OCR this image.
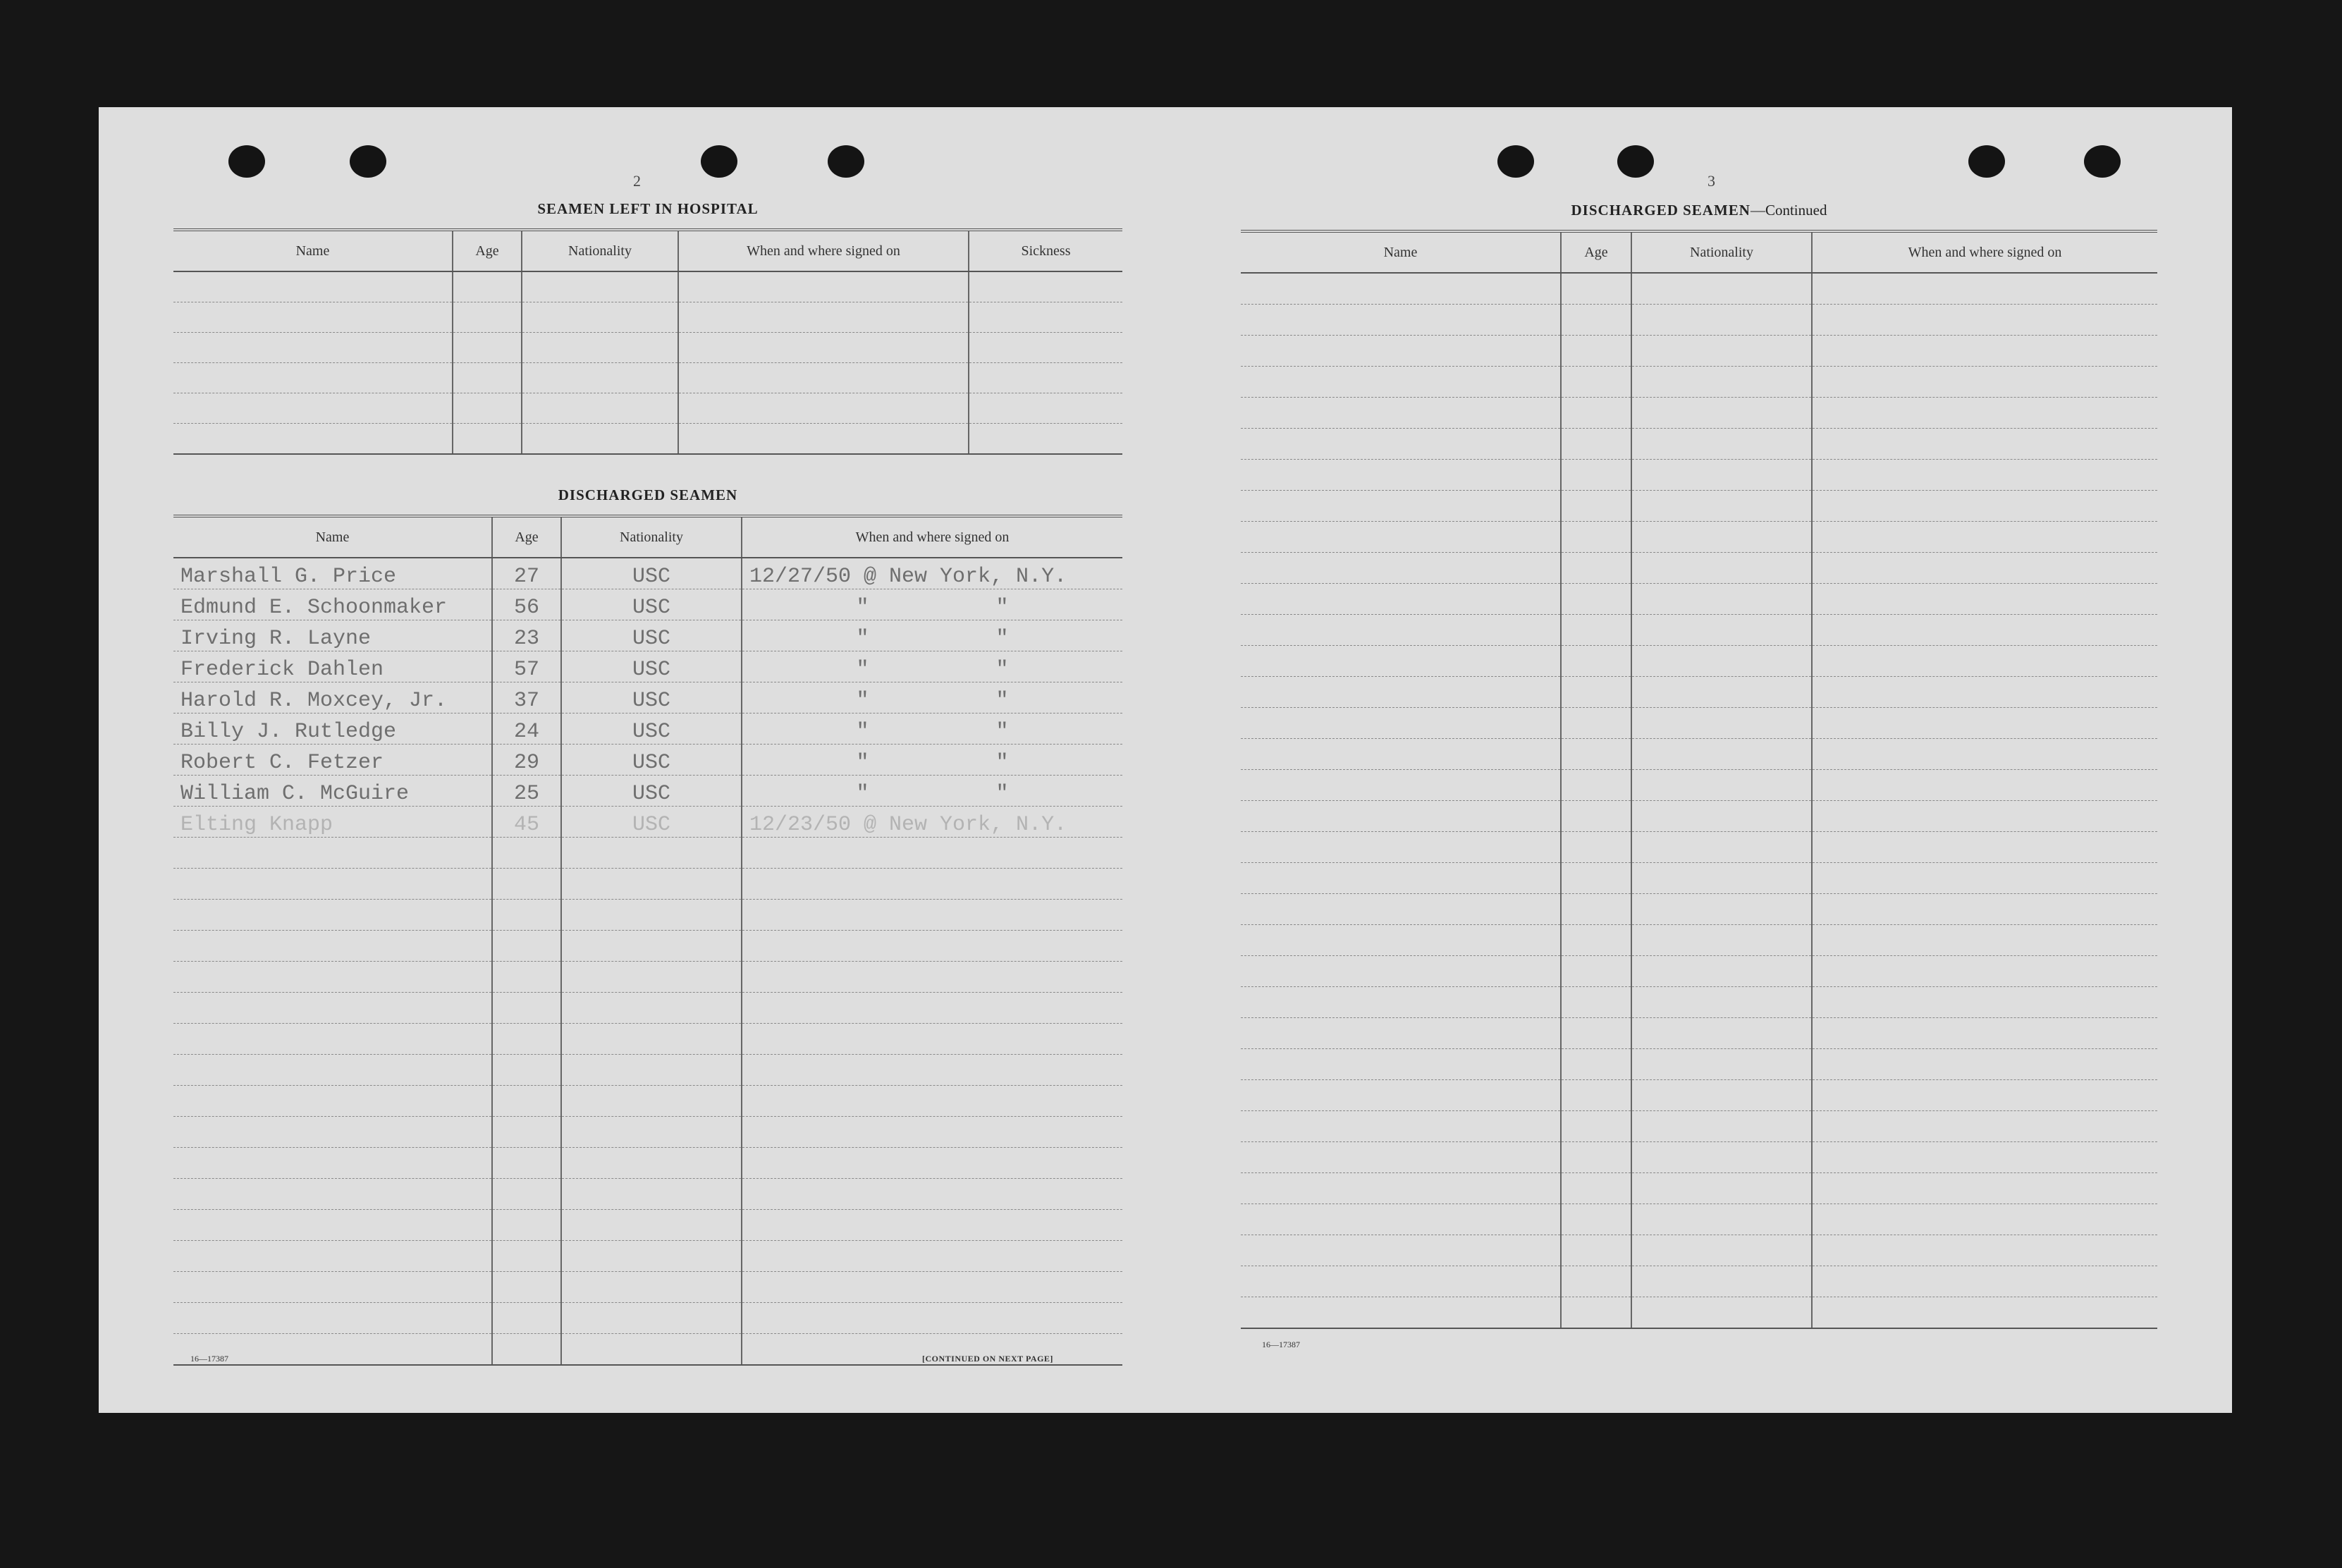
2
SEAMEN LEFT IN HOSPITAL
Name	Age	Nationality	When and where signed on	Sickness

DISCHARGED SEAMEN
Name	Age	Nationality	When and where signed on
Marshall G. Price	27	USC	12/27/50 @ New York, N.Y.
Edmund E. Schoonmaker	56	USC	"          "
Irving R. Layne	23	USC	"          "
Frederick Dahlen	57	USC	"          "
Harold R. Moxcey, Jr.	37	USC	"          "
Billy J. Rutledge	24	USC	"          "
Robert C. Fetzer	29	USC	"          "
William C. McGuire	25	USC	"          "
Elting Knapp	45	USC	12/23/50 @ New York, N.Y.

16—17387	[CONTINUED ON NEXT PAGE]
3
DISCHARGED SEAMEN—Continued
Name	Age	Nationality	When and where signed on

16—17387
